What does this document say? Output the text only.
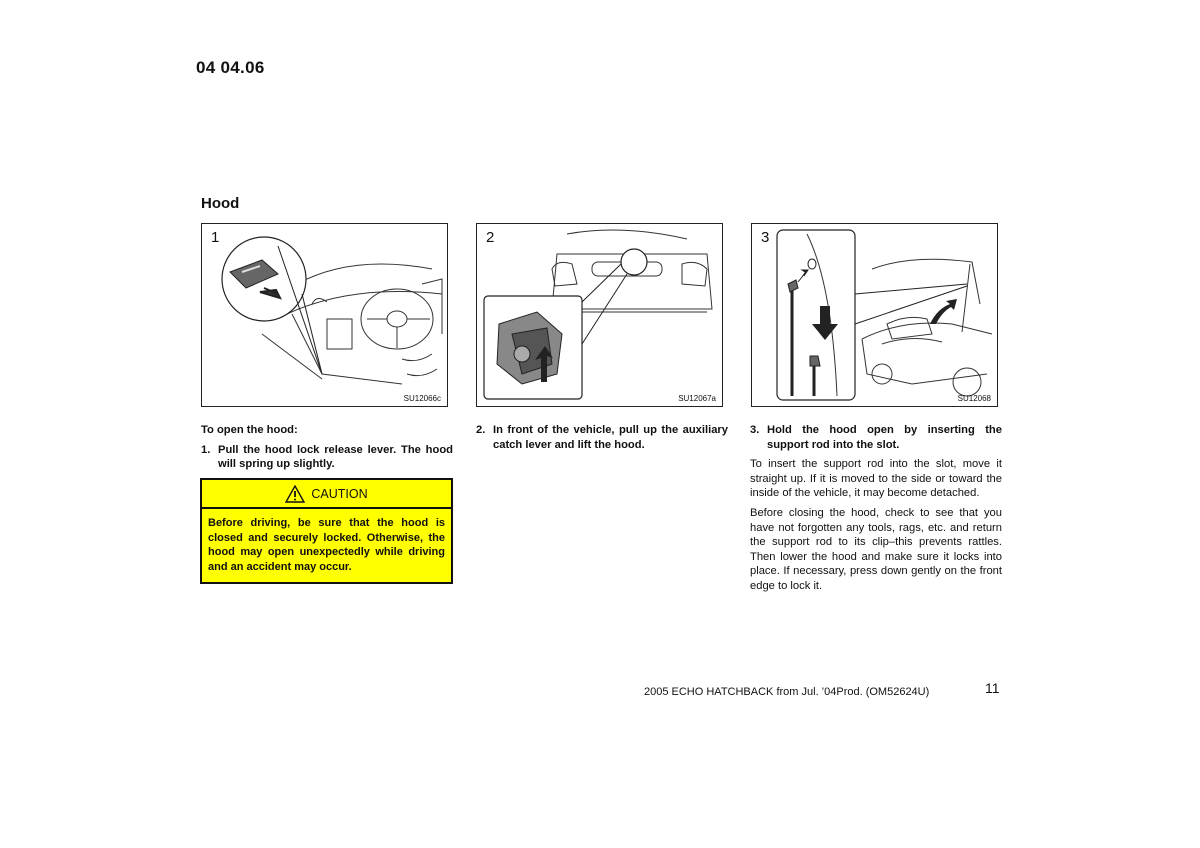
04 04.06
Hood
1
SU12066c
2
SU12067a
3
SU12068
To open the hood:
1. Pull the hood lock release lever. The hood will spring up slightly.
CAUTION
Before driving, be sure that the hood is closed and securely locked. Otherwise, the hood may open unexpectedly while driving and an accident may occur.
2. In front of the vehicle, pull up the auxiliary catch lever and lift the hood.
3. Hold the hood open by inserting the support rod into the slot.
To insert the support rod into the slot, move it straight up. If it is moved to the side or toward the inside of the vehicle, it may become detached.
Before closing the hood, check to see that you have not forgotten any tools, rags, etc. and return the support rod to its clip–this prevents rattles. Then lower the hood and make sure it locks into place. If necessary, press down gently on the front edge to lock it.
2005 ECHO HATCHBACK from Jul. ’04Prod. (OM52624U)	11
